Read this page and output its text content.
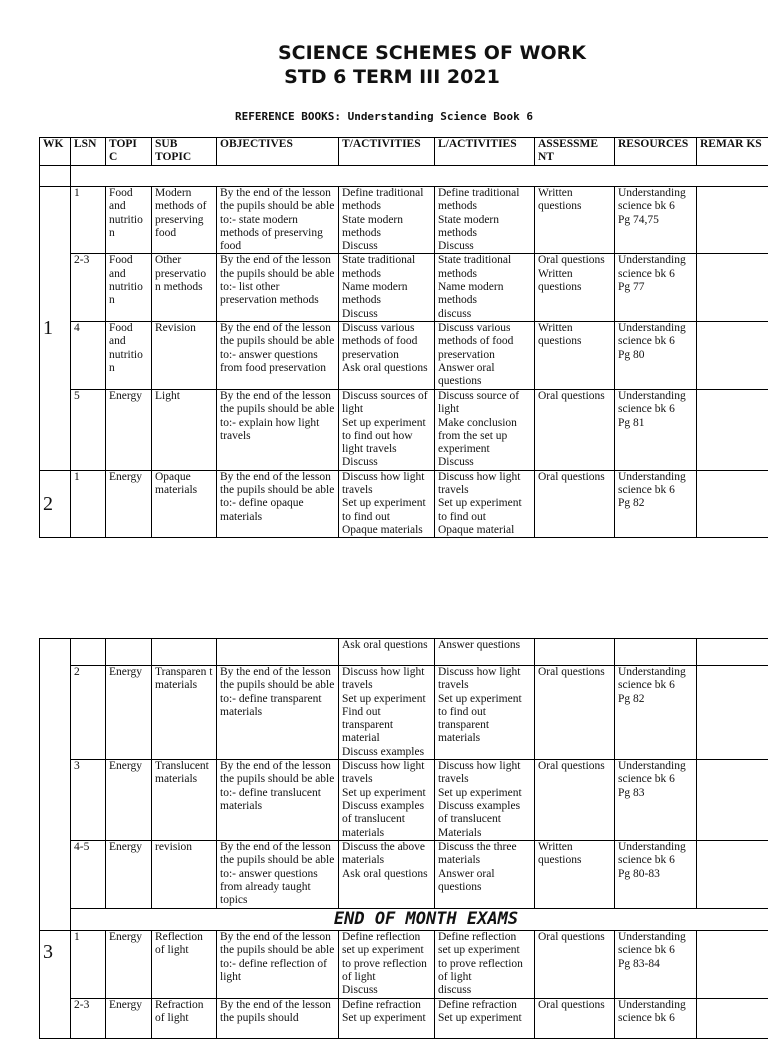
SCIENCE SCHEMES OF WORK
STD 6 TERM III 2021
REFERENCE BOOKS: Understanding Science Book 6
WK	LSN	TOPI C	SUB TOPIC	OBJECTIVES	T/ACTIVITIES	L/ACTIVITIES	ASSESSME NT	RESOURCES	REMAR KS

1	1	Food and nutritio n	Modern methods of preserving food	By the end of the lesson the pupils should be able to:- state modern methods of preserving food	Define traditional methods
State modern methods
Discuss	Define traditional methods
State modern methods
Discuss	Written questions	Understanding science bk 6
Pg 74,75	

	2-3	Food and nutritio n	Other preservatio n methods	By the end of the lesson the pupils should be able to:- list other preservation methods	State traditional methods
Name modern methods
Discuss	State traditional methods
Name modern methods
discuss	Oral questions
Written questions	Understanding science bk 6
Pg 77	

	4	Food and nutritio n	Revision	By the end of the lesson the pupils should be able to:- answer questions from food preservation	Discuss various methods of food preservation
Ask oral questions	Discuss various methods of food preservation
Answer oral questions	Written questions	Understanding science bk 6
Pg 80	

	5	Energy	Light	By the end of the lesson the pupils should be able to:- explain how light travels	Discuss sources of light
Set up experiment to find out how light travels
Discuss	Discuss source of light
Make conclusion from the set up experiment
Discuss	Oral questions	Understanding science bk 6
Pg 81	

2	1	Energy	Opaque materials	By the end of the lesson the pupils should be able to:- define opaque materials	Discuss how light travels
Set up experiment to find out
Opaque materials	Discuss how light travels
Set up experiment to find out
Opaque material	Oral questions	Understanding science bk 6
Pg 82	

					Ask oral questions	Answer questions			

	2	Energy	Transparen t materials	By the end of the lesson the pupils should be able to:- define transparent materials	Discuss how light travels
Set up experiment
Find out transparent material
Discuss examples	Discuss how light travels
Set up experiment to find out transparent materials	Oral questions	Understanding science bk 6
Pg 82	

	3	Energy	Translucent materials	By the end of the lesson the pupils should be able to:- define translucent materials	Discuss how light travels
Set up experiment
Discuss examples of translucent materials	Discuss how light travels
Set up experiment
Discuss examples of translucent Materials	Oral questions	Understanding science bk 6
Pg 83	

	4-5	Energy	revision	By the end of the lesson the pupils should be able to:- answer questions from already taught topics	Discuss the above materials
Ask oral questions	Discuss the three materials
Answer oral questions	Written questions	Understanding science bk 6
Pg 80-83	

	END OF MONTH EXAMS								
3	1	Energy	Reflection of light	By the end of the lesson the pupils should be able to:- define reflection of light	Define reflection
set up experiment to prove reflection of light
Discuss	Define reflection
set up experiment to prove reflection of light
discuss	Oral questions	Understanding science bk 6
Pg 83-84	

	2-3	Energy	Refraction of light	By the end of the lesson the pupils should	Define refraction
Set up experiment	Define refraction
Set up experiment	Oral questions	Understanding science bk 6	
